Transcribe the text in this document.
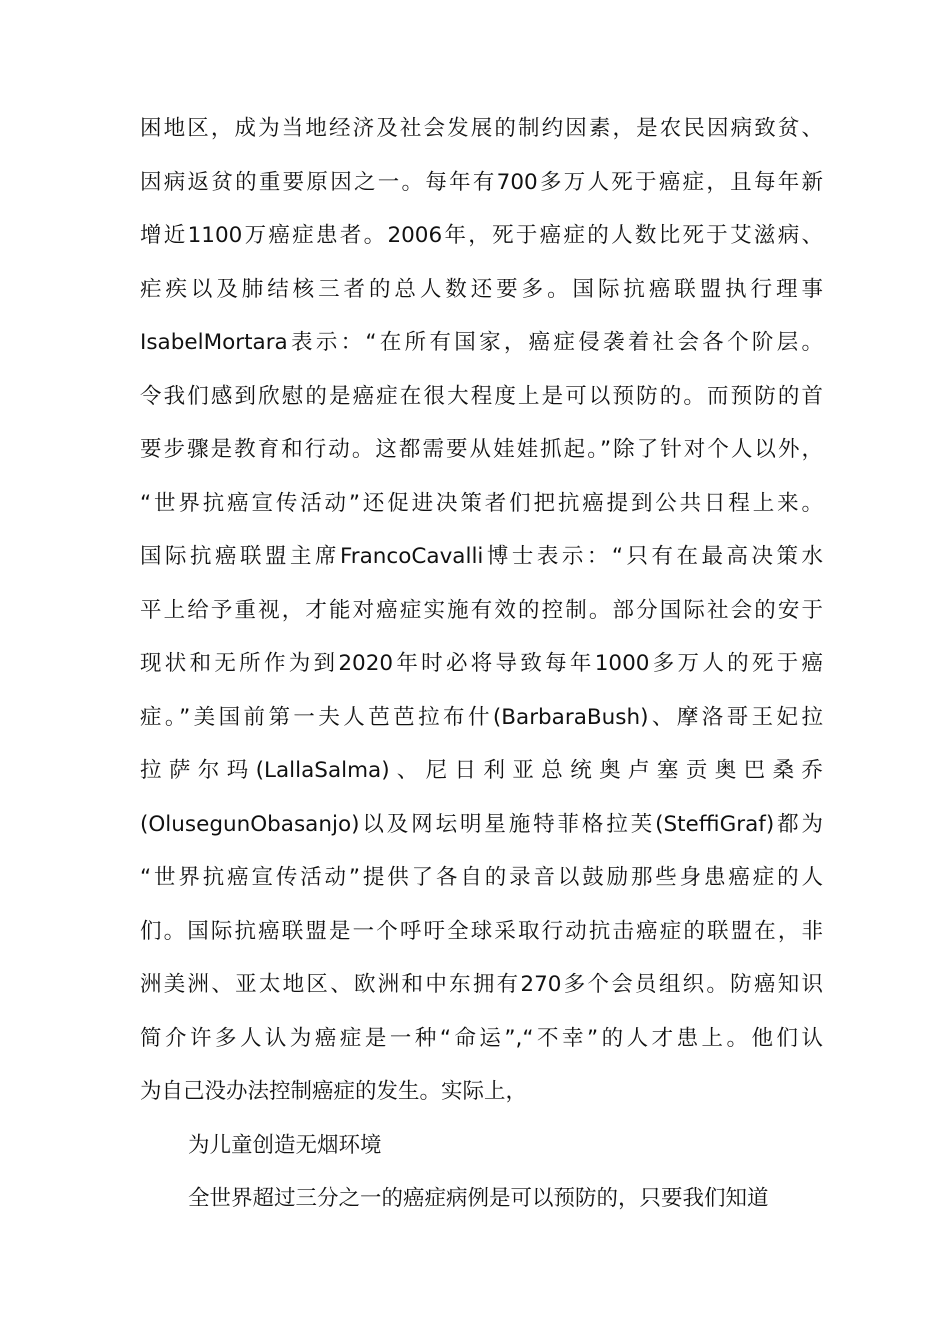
困地区，成为当地经济及社会发展的制约因素，是农民因病致贫、
因病返贫的重要原因之一。每年有700多万人死于癌症，且每年新
增近1100万癌症患者。2006年，死于癌症的人数比死于艾滋病、
疟疾以及肺结核三者的总人数还要多。国际抗癌联盟执行理事
IsabelMortara表示：“在所有国家，癌症侵袭着社会各个阶层。
令我们感到欣慰的是癌症在很大程度上是可以预防的。而预防的首
要步骤是教育和行动。这都需要从娃娃抓起。”除了针对个人以外，
“世界抗癌宣传活动”还促进决策者们把抗癌提到公共日程上来。
国际抗癌联盟主席FrancoCavalli博士表示：“只有在最高决策水
平上给予重视，才能对癌症实施有效的控制。部分国际社会的安于
现状和无所作为到2020年时必将导致每年1000多万人的死于癌
症。”美国前第一夫人芭芭拉布什(BarbaraBush)、摩洛哥王妃拉
拉 萨 尔 玛 (LallaSalma) 、 尼 日 利 亚 总 统 奥 卢 塞 贡 奥 巴 桑 乔
(OlusegunObasanjo)以及网坛明星施特菲格拉芙(SteffiGraf)都为
“世界抗癌宣传活动”提供了各自的录音以鼓励那些身患癌症的人
们。国际抗癌联盟是一个呼吁全球采取行动抗击癌症的联盟在，非
洲美洲、亚太地区、欧洲和中东拥有270多个会员组织。防癌知识
简介许多人认为癌症是一种“命运”,“不幸”的人才患上。他们认
为自己没办法控制癌症的发生。实际上，
为儿童创造无烟环境
全世界超过三分之一的癌症病例是可以预防的，只要我们知道
